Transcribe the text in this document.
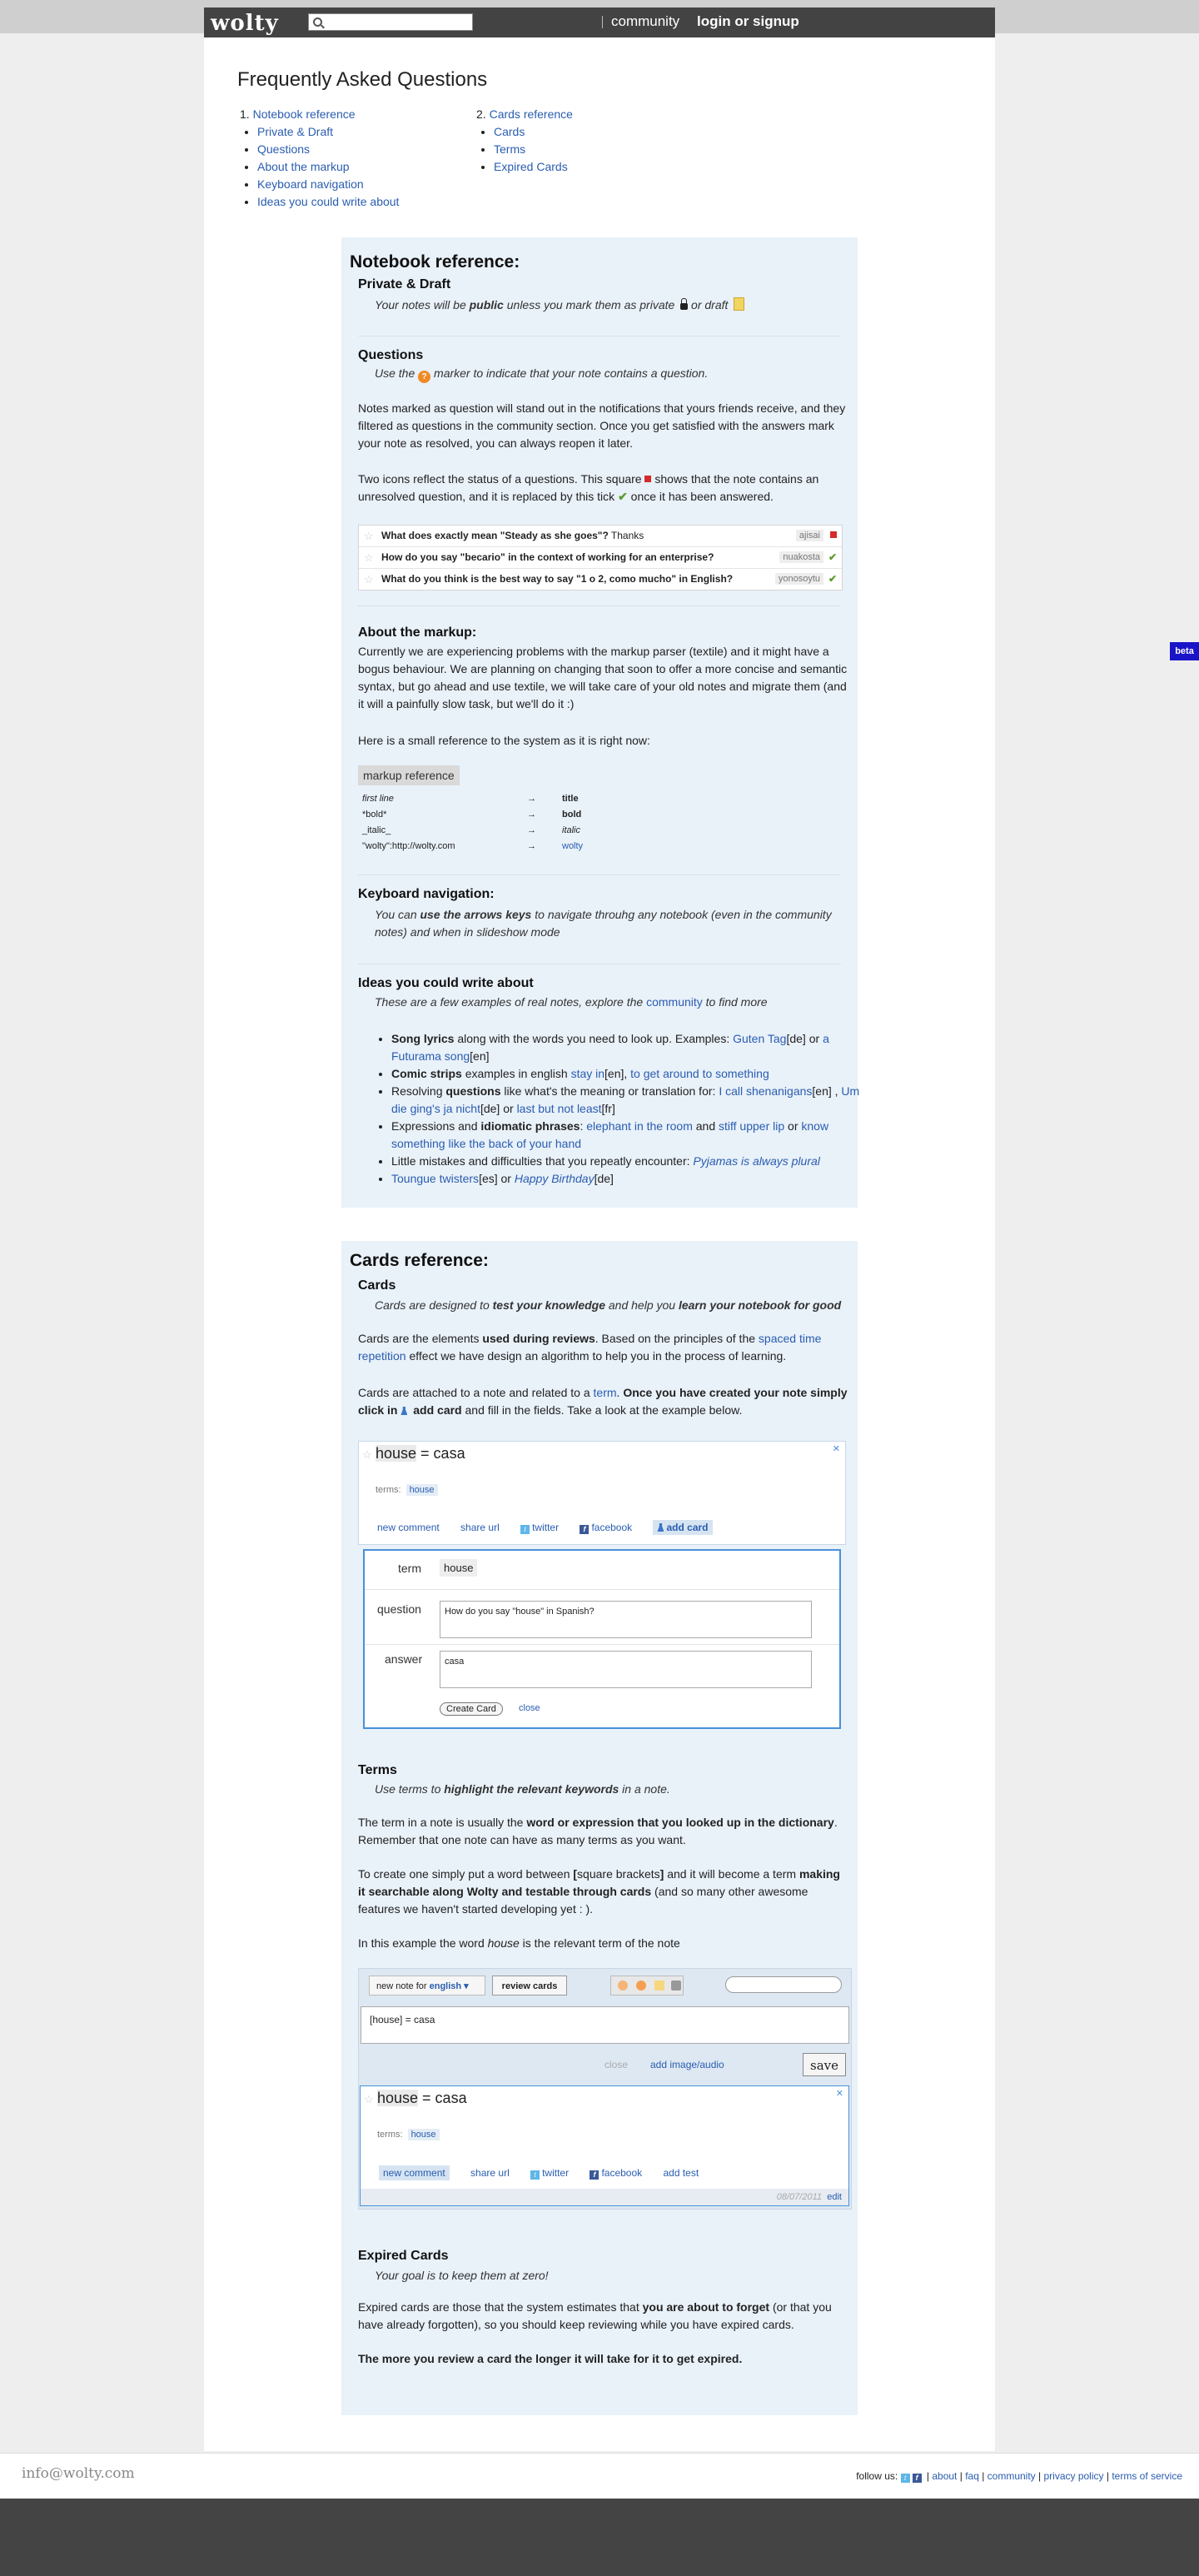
wolty	community login or signup
beta
Frequently Asked Questions
1. Notebook reference
• Private & Draft
• Questions
• About the markup
• Keyboard navigation
• Ideas you could write about
2. Cards reference
• Cards
• Terms
• Expired Cards
Notebook reference:
Private & Draft
Your notes will be public unless you mark them as private  or draft
Questions
Use the ? marker to indicate that your note contains a question.
Notes marked as question will stand out in the notifications that yours friends receive, and they filtered as questions in the community section. Once you get satisfied with the answers mark your note as resolved, you can always reopen it later.
Two icons reflect the status of a questions. This square  shows that the note contains an unresolved question, and it is replaced by this tick ✔ once it has been answered.
☆ What does exactly mean "Steady as she goes"? Thanks	ajisai
☆ How do you say "becario" in the context of working for an enterprise?	nuakosta ✔
☆ What do you think is the best way to say "1 o 2, como mucho" in English?	yonosoytu ✔
About the markup:
Currently we are experiencing problems with the markup parser (textile) and it might have a bogus behaviour. We are planning on changing that soon to offer a more concise and semantic syntax, but go ahead and use textile, we will take care of your old notes and migrate them (and it will a painfully slow task, but we'll do it :)
Here is a small reference to the system as it is right now:
markup reference
first line	→	title
*bold*	→	bold
_italic_	→	italic
"wolty":http://wolty.com	→	wolty
Keyboard navigation:
You can use the arrows keys to navigate throuhg any notebook (even in the community notes) and when in slideshow mode
Ideas you could write about
These are a few examples of real notes, explore the community to find more
• Song lyrics along with the words you need to look up. Examples: Guten Tag[de] or a Futurama song[en]
• Comic strips examples in english stay in[en], to get around to something
• Resolving questions like what's the meaning or translation for: I call shenanigans[en] , Um die ging's ja nicht[de] or last but not least[fr]
• Expressions and idiomatic phrases: elephant in the room and stiff upper lip or know something like the back of your hand
• Little mistakes and difficulties that you repeatly encounter: Pyjamas is always plural
• Toungue twisters[es] or Happy Birthday[de]
Cards reference:
Cards
Cards are designed to test your knowledge and help you learn your notebook for good
Cards are the elements used during reviews. Based on the principles of the spaced time repetition effect we have design an algorithm to help you in the process of learning.
Cards are attached to a note and related to a term. Once you have created your note simply click in  add card and fill in the fields. Take a look at the example below.
✕
☆ house = casa
terms: house
new comment share url	t twitter	f facebook	add card
term	house
question	How do you say "house" in Spanish?
answer	casa
Create Card	close
Terms
Use terms to highlight the relevant keywords in a note.
The term in a note is usually the word or expression that you looked up in the dictionary. Remember that one note can have as many terms as you want.
To create one simply put a word between [square brackets] and it will become a term making it searchable along Wolty and testable through cards (and so many other awesome features we haven't started developing yet : ).
In this example the word house is the relevant term of the note
new note for english ▾	review cards
[house] = casa
close add image/audio	save
✕
☆ house = casa
terms: house
new comment	share url	t twitter	f facebook add test
08/07/2011 edit
Expired Cards
Your goal is to keep them at zero!
Expired cards are those that the system estimates that you are about to forget (or that you have already forgotten), so you should keep reviewing while you have expired cards.
The more you review a card the longer it will take for it to get expired.
info@wolty.com	follow us: t f | about | faq | community | privacy policy | terms of service
